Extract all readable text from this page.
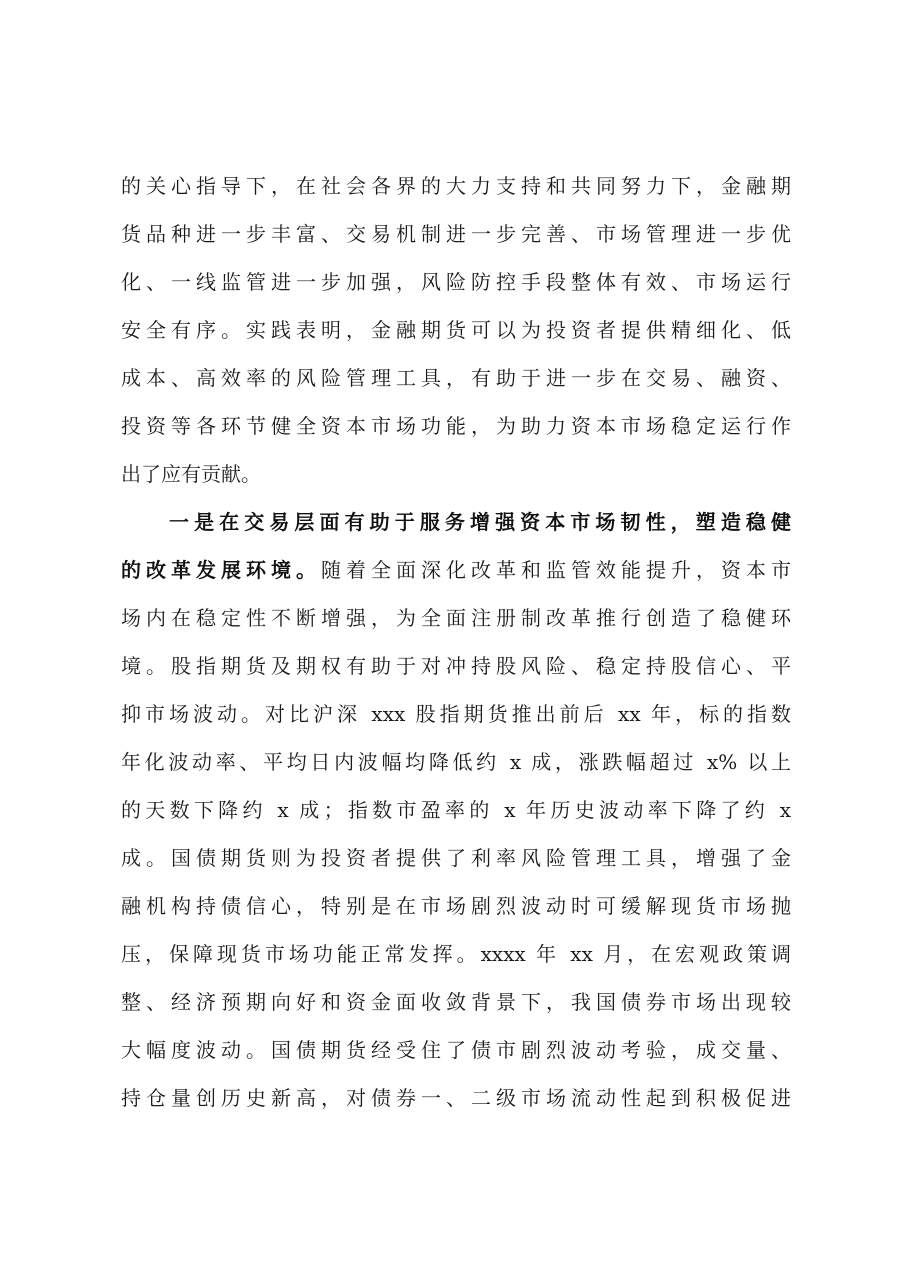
的关心指导下，在社会各界的大力支持和共同努力下，金融期
货品种进一步丰富、交易机制进一步完善、市场管理进一步优
化、一线监管进一步加强，风险防控手段整体有效、市场运行
安全有序。实践表明，金融期货可以为投资者提供精细化、低
成本、高效率的风险管理工具，有助于进一步在交易、融资、
投资等各环节健全资本市场功能，为助力资本市场稳定运行作
出了应有贡献。
一是在交易层面有助于服务增强资本市场韧性，塑造稳健
的改革发展环境。随着全面深化改革和监管效能提升，资本市
场内在稳定性不断增强，为全面注册制改革推行创造了稳健环
境。股指期货及期权有助于对冲持股风险、稳定持股信心、平
抑市场波动。对比沪深 xxx 股指期货推出前后 xx 年，标的指数
年化波动率、平均日内波幅均降低约 x 成，涨跌幅超过 x% 以上
的天数下降约 x 成；指数市盈率的 x 年历史波动率下降了约 x
成。国债期货则为投资者提供了利率风险管理工具，增强了金
融机构持债信心，特别是在市场剧烈波动时可缓解现货市场抛
压，保障现货市场功能正常发挥。xxxx 年 xx 月，在宏观政策调
整、经济预期向好和资金面收敛背景下，我国债券市场出现较
大幅度波动。国债期货经受住了债市剧烈波动考验，成交量、
持仓量创历史新高，对债券一、二级市场流动性起到积极促进
